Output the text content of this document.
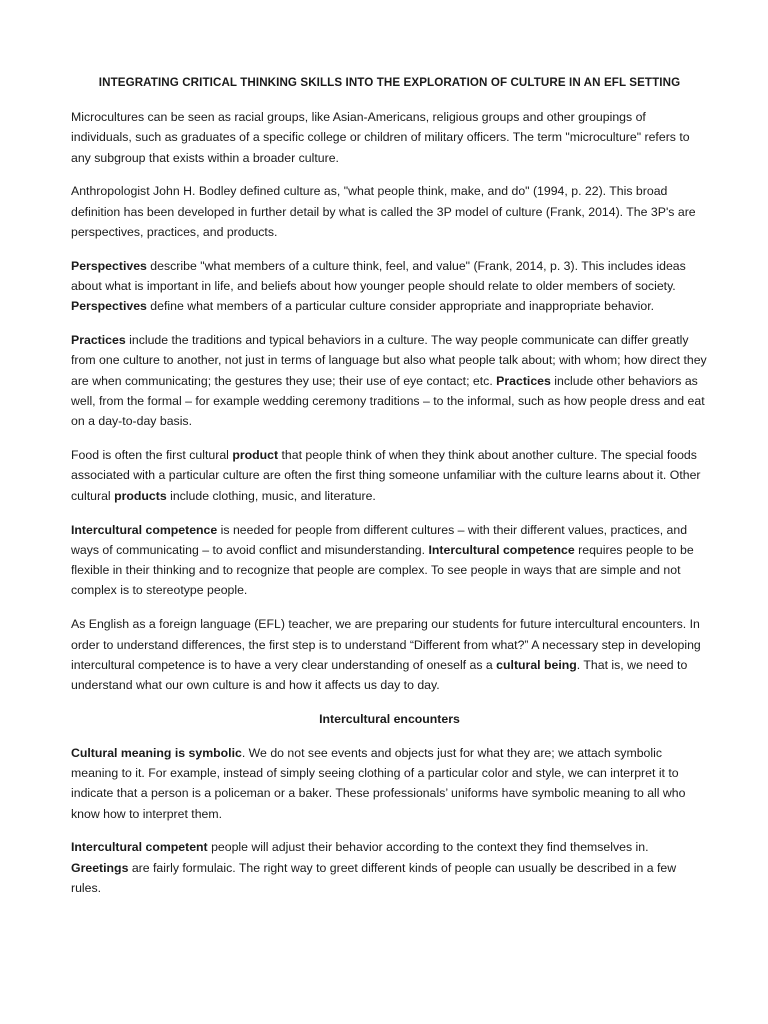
INTEGRATING CRITICAL THINKING SKILLS INTO THE EXPLORATION OF CULTURE IN AN EFL SETTING

Microcultures can be seen as racial groups, like Asian-Americans, religious groups and other groupings of individuals, such as graduates of a specific college or children of military officers. The term "microculture" refers to any subgroup that exists within a broader culture.

Anthropologist John H. Bodley defined culture as, "what people think, make, and do" (1994, p. 22). This broad definition has been developed in further detail by what is called the 3P model of culture (Frank, 2014). The 3P's are perspectives, practices, and products.

Perspectives describe "what members of a culture think, feel, and value" (Frank, 2014, p. 3). This includes ideas about what is important in life, and beliefs about how younger people should relate to older members of society. Perspectives define what members of a particular culture consider appropriate and inappropriate behavior.

Practices include the traditions and typical behaviors in a culture. The way people communicate can differ greatly from one culture to another, not just in terms of language but also what people talk about; with whom; how direct they are when communicating; the gestures they use; their use of eye contact; etc. Practices include other behaviors as well, from the formal – for example wedding ceremony traditions – to the informal, such as how people dress and eat on a day-to-day basis.

Food is often the first cultural product that people think of when they think about another culture. The special foods associated with a particular culture are often the first thing someone unfamiliar with the culture learns about it. Other cultural products include clothing, music, and literature.

Intercultural competence is needed for people from different cultures – with their different values, practices, and ways of communicating – to avoid conflict and misunderstanding. Intercultural competence requires people to be flexible in their thinking and to recognize that people are complex. To see people in ways that are simple and not complex is to stereotype people.

As English as a foreign language (EFL) teacher, we are preparing our students for future intercultural encounters. In order to understand differences, the first step is to understand “Different from what?” A necessary step in developing intercultural competence is to have a very clear understanding of oneself as a cultural being. That is, we need to understand what our own culture is and how it affects us day to day.

Intercultural encounters

Cultural meaning is symbolic. We do not see events and objects just for what they are; we attach symbolic meaning to it. For example, instead of simply seeing clothing of a particular color and style, we can interpret it to indicate that a person is a policeman or a baker. These professionals’ uniforms have symbolic meaning to all who know how to interpret them.

Intercultural competent people will adjust their behavior according to the context they find themselves in. Greetings are fairly formulaic. The right way to greet different kinds of people can usually be described in a few rules.
